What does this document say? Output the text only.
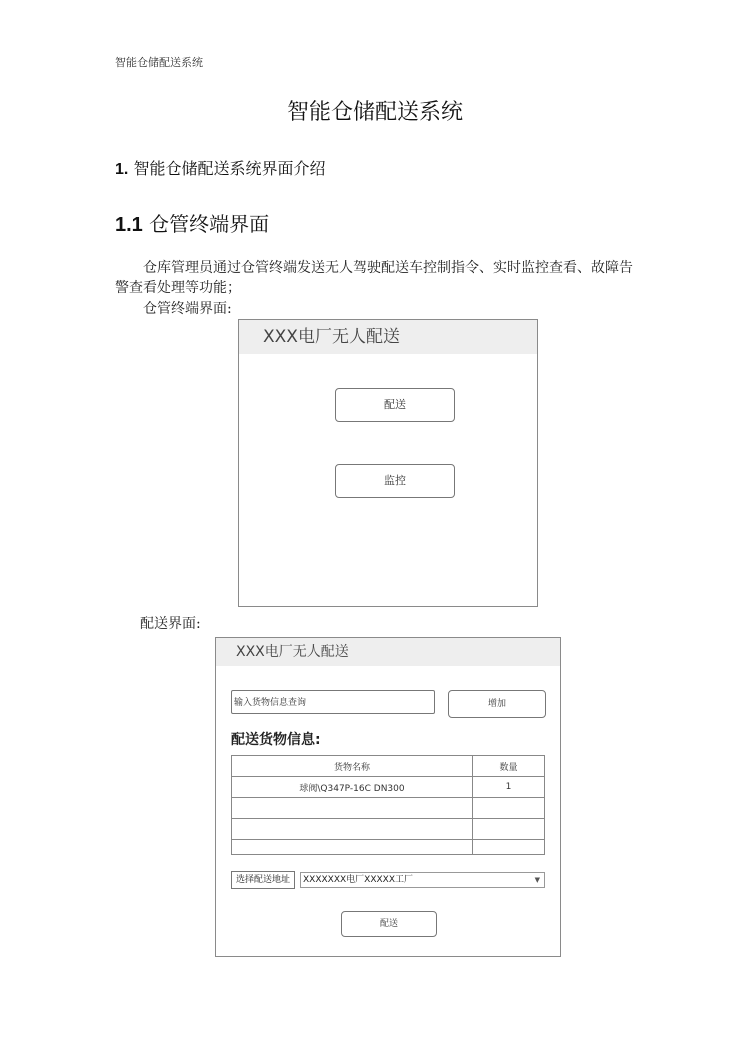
智能仓储配送系统
智能仓储配送系统
1. 智能仓储配送系统界面介绍
1.1 仓管终端界面
仓库管理员通过仓管终端发送无人驾驶配送车控制指令、实时监控查看、故障告警查看处理等功能；
仓管终端界面:
XXX电厂无人配送
配送
监控
配送界面:
XXX电厂无人配送
输入货物信息查询	增加
配送货物信息:
货物名称	数量
球阀\Q347P-16C DN300	1

选择配送地址	XXXXXXX电厂XXXXX工厂	▼
配送
